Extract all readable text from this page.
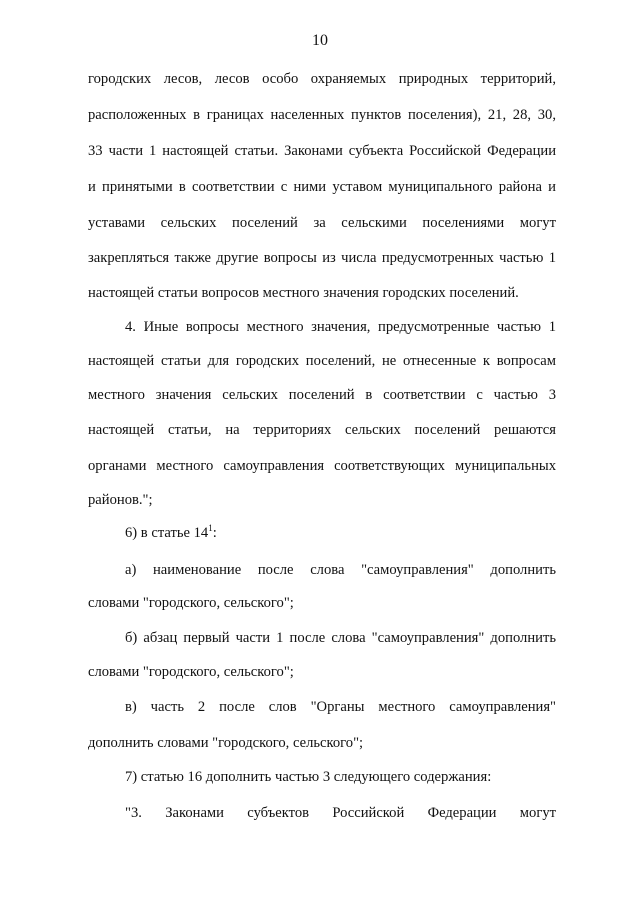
10
городских лесов, лесов особо охраняемых природных территорий,
расположенных в границах населенных пунктов поселения), 21, 28, 30,
33 части 1 настоящей статьи. Законами субъекта Российской Федерации
и принятыми в соответствии с ними уставом муниципального района и
уставами сельских поселений за сельскими поселениями могут
закрепляться также другие вопросы из числа предусмотренных частью 1
настоящей статьи вопросов местного значения городских поселений.
4. Иные вопросы местного значения, предусмотренные частью 1
настоящей статьи для городских поселений, не отнесенные к вопросам
местного значения сельских поселений в соответствии с частью 3
настоящей статьи, на территориях сельских поселений решаются
органами местного самоуправления соответствующих муниципальных
районов.";
6) в статье $14^1$:
а) наименование после слова "самоуправления" дополнить
словами "городского, сельского";
б) абзац первый части 1 после слова "самоуправления" дополнить
словами "городского, сельского";
в) часть 2 после слов "Органы местного самоуправления"
дополнить словами "городского, сельского";
7) статью 16 дополнить частью 3 следующего содержания:
"3. Законами субъектов Российской Федерации могут
